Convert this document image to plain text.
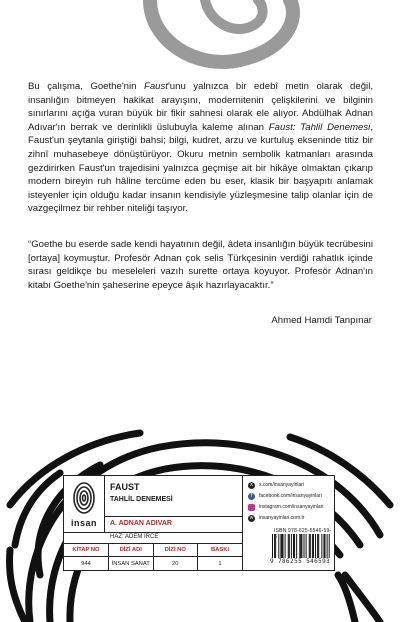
Bu çalışma, Goethe'nin Faust'unu yalnızca bir edebî metin olarak değil, insanlığın bitmeyen hakikat arayışını, modernitenin çelişkilerini ve bilginin sınırlarını açığa vuran büyük bir fikir sahnesi olarak ele alıyor. Abdülhak Adnan Adıvar'ın berrak ve derinlikli üslubuyla kaleme alınan Faust: Tahlil Denemesi, Faust'un şeytanla giriştiği bahsi; bilgi, kudret, arzu ve kurtuluş ekseninde titiz bir zihnî muhasebeye dönüştürüyor. Okuru metnin sembolik katmanları arasında gezdirirken Faust'un trajedisini yalnızca geçmişe ait bir hikâye olmaktan çıkarıp modern bireyin ruh hâline tercüme eden bu eser, klasik bir başyapıtı anlamak isteyenler için olduğu kadar insanın kendisiyle yüzleşmesine talip olanlar için de vazgeçilmez bir rehber niteliği taşıyor.

“Goethe bu eserde sade kendi hayatının değil, âdeta insanlığın büyük tecrübesini [ortaya] koymuştur. Profesör Adnan çok selis Türkçesinin verdiği rahatlık içinde sırası geldikçe bu meseleleri vazıh surette ortaya koyuyor. Profesör Adnan'ın kitabı Goethe'nin şaheserine epeyce âşık hazırlayacaktır.”

Ahmed Hamdi Tanpınar
insan
FAUST
TAHLİL DENEMESİ
A. ADNAN ADIVAR
HAZ: ADEM İRCE
KİTAP NO	DİZİ ADI	DİZİ NO	BASKI
944	İNSAN SANAT	20	1
X	x.com/insanyayinlari
f	facebook.com/insanyayinlari
instagram.com/insanyayinlari
w	insanyayinlari.com.tr
ISBN 978-625-5546-59-
9 786255 546593
